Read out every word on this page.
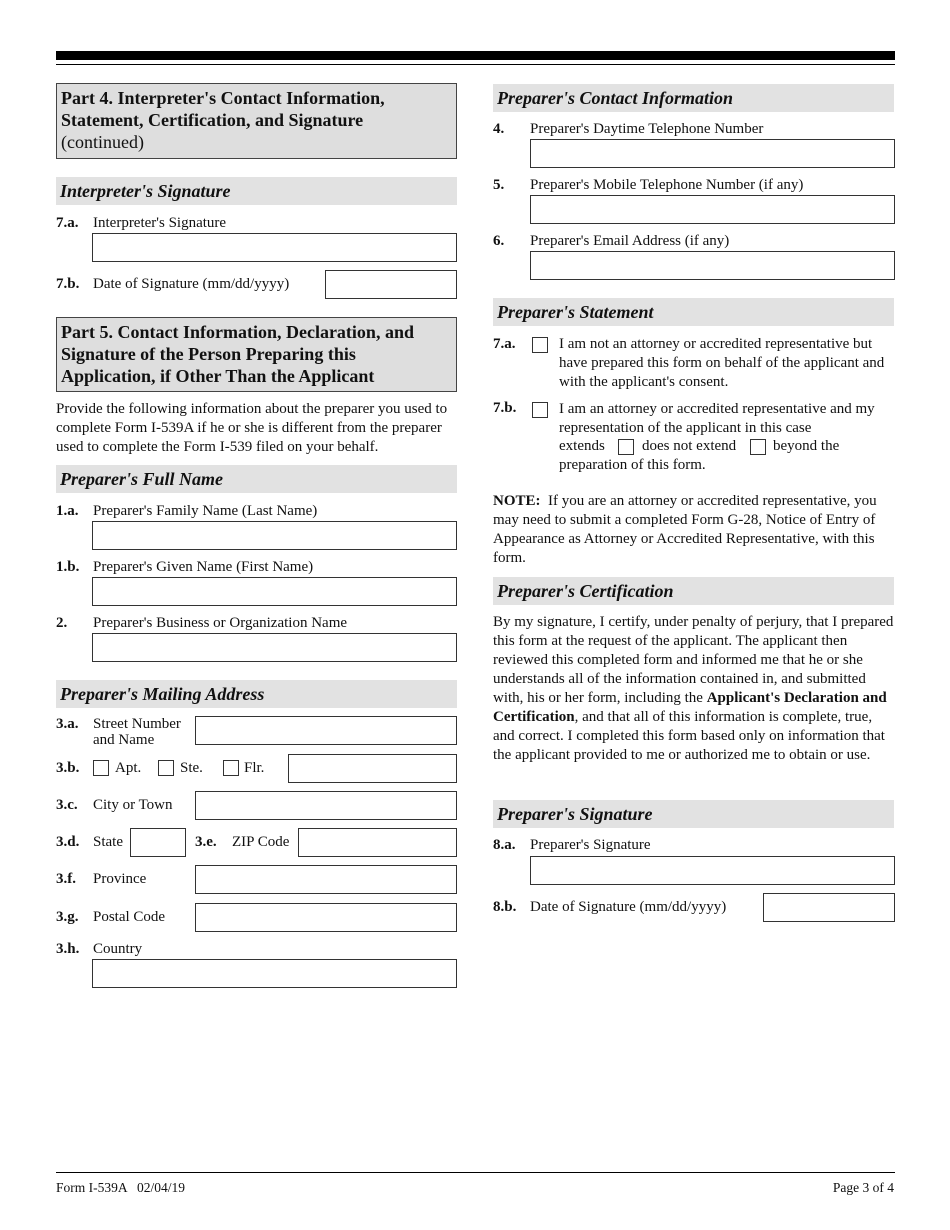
Part 4. Interpreter's Contact Information, Statement, Certification, and Signature
(continued)
Interpreter's Signature
7.a. Interpreter's Signature
7.b. Date of Signature (mm/dd/yyyy)
Part 5. Contact Information, Declaration, and Signature of the Person Preparing this Application, if Other Than the Applicant
Provide the following information about the preparer you used to complete Form I-539A if he or she is different from the preparer used to complete the Form I-539 filed on your behalf.
Preparer's Full Name
1.a. Preparer's Family Name (Last Name)
1.b. Preparer's Given Name (First Name)
2. Preparer's Business or Organization Name
Preparer's Mailing Address
3.a. Street Number
and Name
3.b. Apt.	Ste.	Flr.
3.c. City or Town
3.d. State	3.e. ZIP Code
3.f. Province
3.g. Postal Code
3.h. Country
Preparer's Contact Information
4. Preparer's Daytime Telephone Number
5. Preparer's Mobile Telephone Number (if any)
6. Preparer's Email Address (if any)
Preparer's Statement
7.a.	I am not an attorney or accredited representative but have prepared this form on behalf of the applicant and with the applicant's consent.
7.b.	I am an attorney or accredited representative and my representation of the applicant in this case
extends does not extend beyond the
preparation of this form.
NOTE: If you are an attorney or accredited representative, you may need to submit a completed Form G-28, Notice of Entry of Appearance as Attorney or Accredited Representative, with this form.
Preparer's Certification
By my signature, I certify, under penalty of perjury, that I prepared this form at the request of the applicant. The applicant then reviewed this completed form and informed me that he or she understands all of the information contained in, and submitted with, his or her form, including the Applicant's Declaration and Certification, and that all of this information is complete, true, and correct. I completed this form based only on information that the applicant provided to me or authorized me to obtain or use.
Preparer's Signature
8.a. Preparer's Signature
8.b. Date of Signature (mm/dd/yyyy)
Form I-539A   02/04/19	Page 3 of 4
